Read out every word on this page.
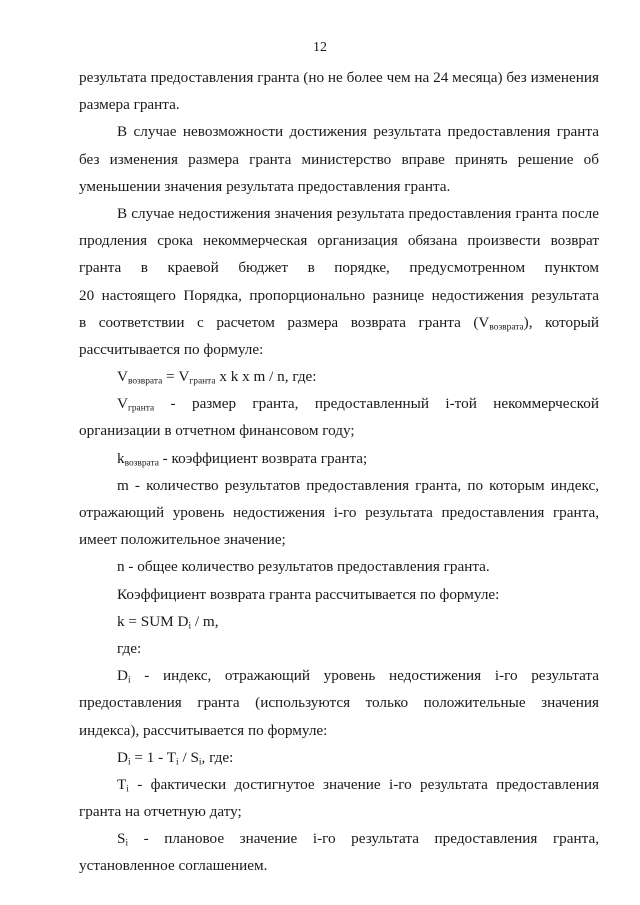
12
результата предоставления гранта (но не более чем на 24 месяца) без изменения
размера гранта.
В случае невозможности достижения результата предоставления гранта
без изменения размера гранта министерство вправе принять решение об
уменьшении значения результата предоставления гранта.
В случае недостижения значения результата предоставления гранта после
продления срока некоммерческая организация обязана произвести возврат
гранта в краевой бюджет в порядке, предусмотренном пунктом
20 настоящего Порядка, пропорционально разнице недостижения результата
в соответствии с расчетом размера возврата гранта $(V_{возврата})$, который
рассчитывается по формуле:
$V_{возврата} = V_{гранта}$ x k x m / n, где:
$V_{гранта}$ - размер гранта, предоставленный i-той некоммерческой
организации в отчетном финансовом году;
$k_{возврата}$ - коэффициент возврата гранта;
m - количество результатов предоставления гранта, по которым индекс,
отражающий уровень недостижения i-го результата предоставления гранта,
имеет положительное значение;
n - общее количество результатов предоставления гранта.
Коэффициент возврата гранта рассчитывается по формуле:
k = SUM $D_i$ / m,
где:
$D_i$ - индекс, отражающий уровень недостижения i-го результата
предоставления гранта (используются только положительные значения
индекса), рассчитывается по формуле:
$D_i = 1 - T_i / S_i$, где:
$T_i$ - фактически достигнутое значение i-го результата предоставления
гранта на отчетную дату;
$S_i$ - плановое значение i-го результата предоставления гранта,
установленное соглашением.
